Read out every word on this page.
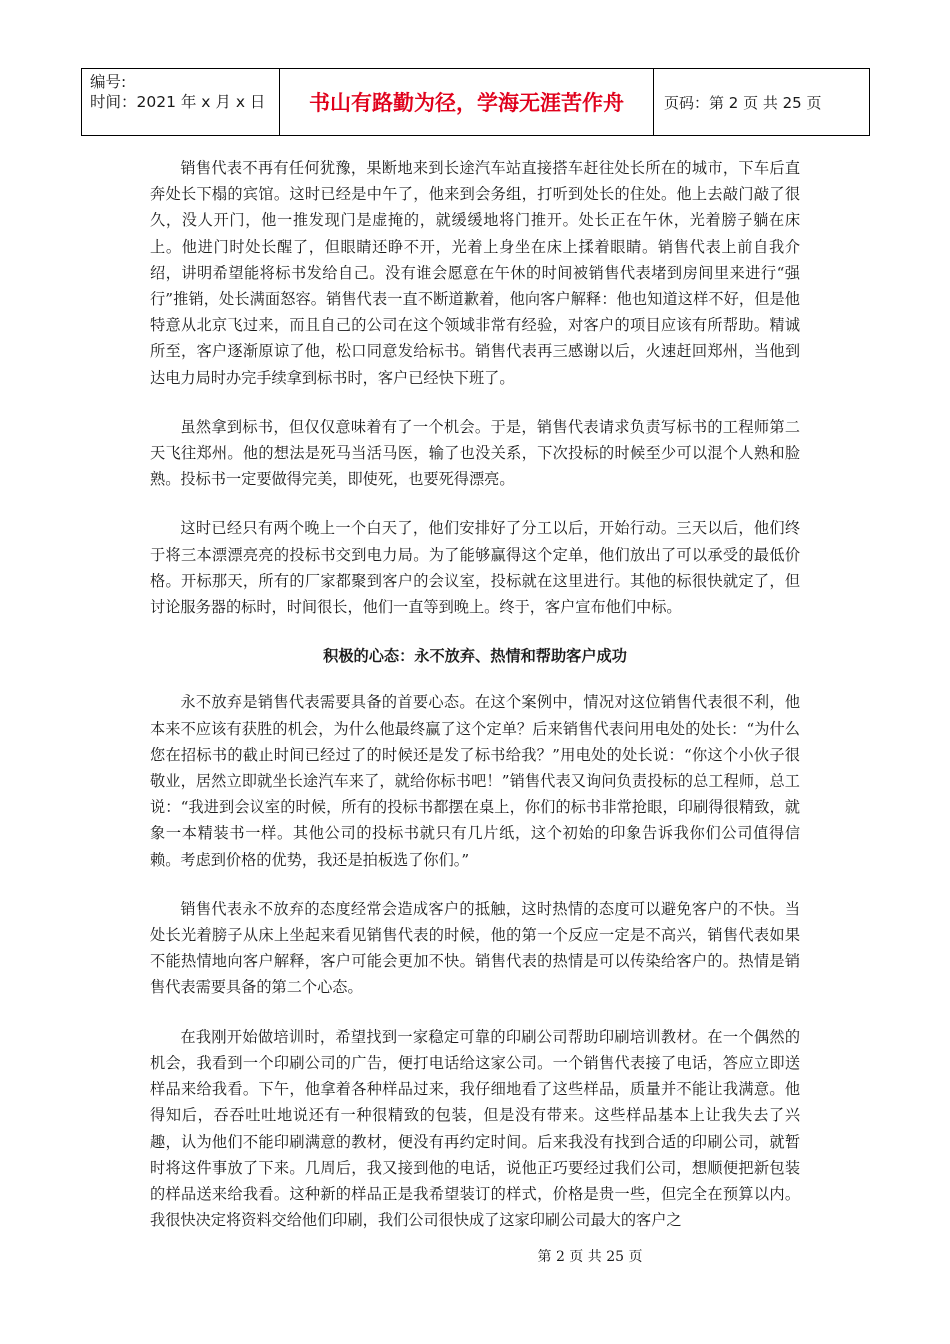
编号:
时间：2021 年 x 月 x 日	书山有路勤为径，学海无涯苦作舟	页码：第 2 页 共 25 页

销售代表不再有任何犹豫，果断地来到长途汽车站直接搭车赶往处长所在的城市，下车后直奔处长下榻的宾馆。这时已经是中午了，他来到会务组，打听到处长的住处。他上去敲门敲了很久，没人开门，他一推发现门是虚掩的，就缓缓地将门推开。处长正在午休，光着膀子躺在床上。他进门时处长醒了，但眼睛还睁不开，光着上身坐在床上揉着眼睛。销售代表上前自我介绍，讲明希望能将标书发给自己。没有谁会愿意在午休的时间被销售代表堵到房间里来进行“强行”推销，处长满面怒容。销售代表一直不断道歉着，他向客户解释：他也知道这样不好，但是他特意从北京飞过来，而且自己的公司在这个领域非常有经验，对客户的项目应该有所帮助。精诚所至，客户逐渐原谅了他，松口同意发给标书。销售代表再三感谢以后，火速赶回郑州，当他到达电力局时办完手续拿到标书时，客户已经快下班了。

虽然拿到标书，但仅仅意味着有了一个机会。于是，销售代表请求负责写标书的工程师第二天飞往郑州。他的想法是死马当活马医，输了也没关系，下次投标的时候至少可以混个人熟和脸熟。投标书一定要做得完美，即使死，也要死得漂亮。

这时已经只有两个晚上一个白天了，他们安排好了分工以后，开始行动。三天以后，他们终于将三本漂漂亮亮的投标书交到电力局。为了能够赢得这个定单，他们放出了可以承受的最低价格。开标那天，所有的厂家都聚到客户的会议室，投标就在这里进行。其他的标很快就定了，但讨论服务器的标时，时间很长，他们一直等到晚上。终于，客户宣布他们中标。

积极的心态：永不放弃、热情和帮助客户成功

永不放弃是销售代表需要具备的首要心态。在这个案例中，情况对这位销售代表很不利，他本来不应该有获胜的机会，为什么他最终赢了这个定单？后来销售代表问用电处的处长：“为什么您在招标书的截止时间已经过了的时候还是发了标书给我？”用电处的处长说：“你这个小伙子很敬业，居然立即就坐长途汽车来了，就给你标书吧！”销售代表又询问负责投标的总工程师，总工说：“我进到会议室的时候，所有的投标书都摆在桌上，你们的标书非常抢眼，印刷得很精致，就象一本精装书一样。其他公司的投标书就只有几片纸，这个初始的印象告诉我你们公司值得信赖。考虑到价格的优势，我还是拍板选了你们。”

销售代表永不放弃的态度经常会造成客户的抵触，这时热情的态度可以避免客户的不快。当处长光着膀子从床上坐起来看见销售代表的时候，他的第一个反应一定是不高兴，销售代表如果不能热情地向客户解释，客户可能会更加不快。销售代表的热情是可以传染给客户的。热情是销售代表需要具备的第二个心态。

在我刚开始做培训时，希望找到一家稳定可靠的印刷公司帮助印刷培训教材。在一个偶然的机会，我看到一个印刷公司的广告，便打电话给这家公司。一个销售代表接了电话，答应立即送样品来给我看。下午，他拿着各种样品过来，我仔细地看了这些样品，质量并不能让我满意。他得知后，吞吞吐吐地说还有一种很精致的包装，但是没有带来。这些样品基本上让我失去了兴趣，认为他们不能印刷满意的教材，便没有再约定时间。后来我没有找到合适的印刷公司，就暂时将这件事放了下来。几周后，我又接到他的电话，说他正巧要经过我们公司，想顺便把新包装的样品送来给我看。这种新的样品正是我希望装订的样式，价格是贵一些，但完全在预算以内。我很快决定将资料交给他们印刷，我们公司很快成了这家印刷公司最大的客户之

第 2 页 共 25 页
